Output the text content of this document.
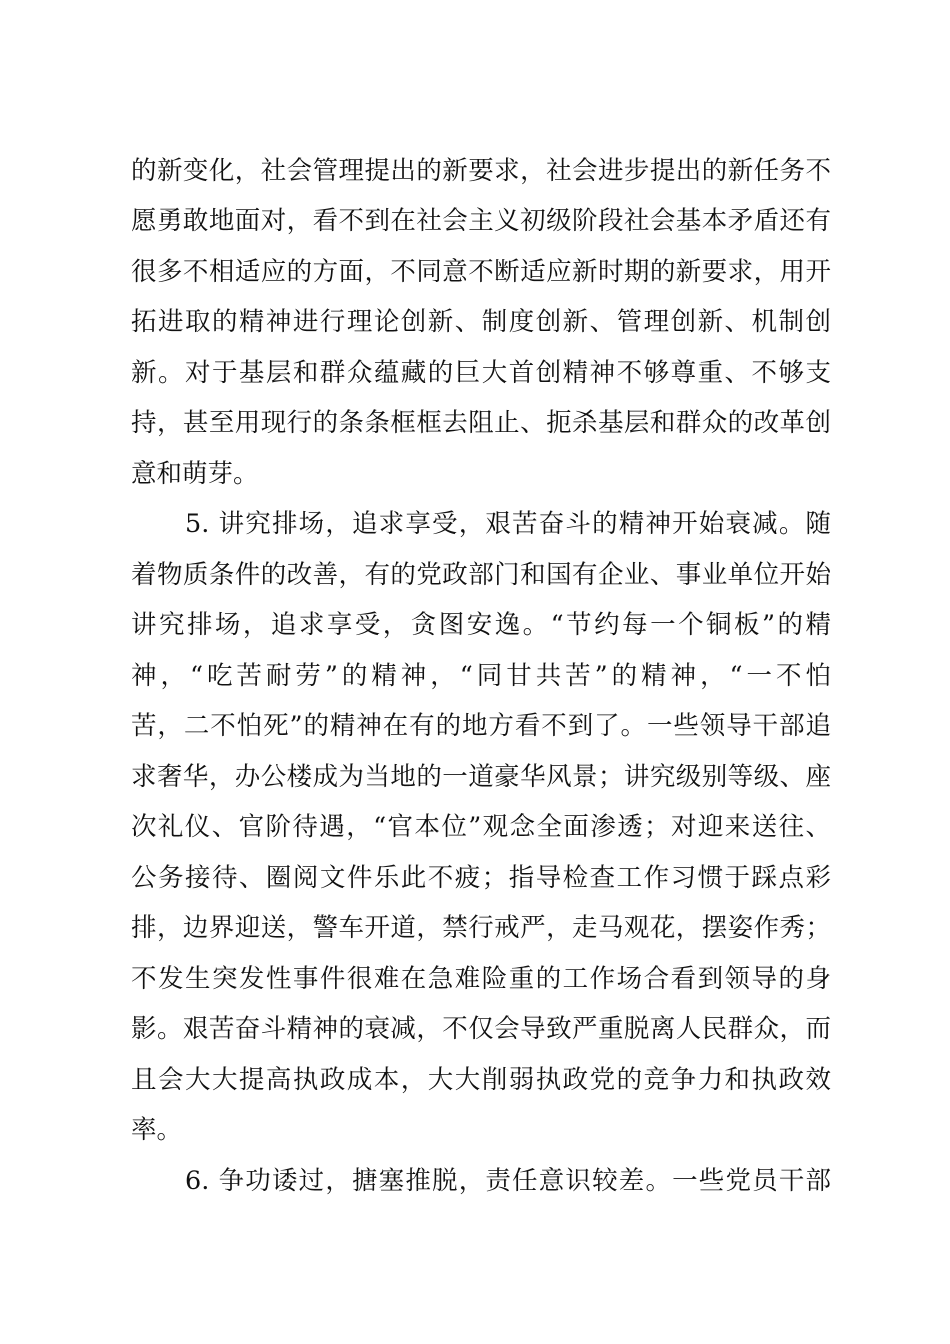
的新变化，社会管理提出的新要求，社会进步提出的新任务不
愿勇敢地面对，看不到在社会主义初级阶段社会基本矛盾还有
很多不相适应的方面，不同意不断适应新时期的新要求，用开
拓进取的精神进行理论创新、制度创新、管理创新、机制创
新。对于基层和群众蕴藏的巨大首创精神不够尊重、不够支
持，甚至用现行的条条框框去阻止、扼杀基层和群众的改革创
意和萌芽。
5. 讲究排场，追求享受，艰苦奋斗的精神开始衰减。随
着物质条件的改善，有的党政部门和国有企业、事业单位开始
讲究排场，追求享受，贪图安逸。“节约每一个铜板”的精
神，“吃苦耐劳”的精神，“同甘共苦”的精神，“一不怕
苦，二不怕死”的精神在有的地方看不到了。一些领导干部追
求奢华，办公楼成为当地的一道豪华风景；讲究级别等级、座
次礼仪、官阶待遇，“官本位”观念全面渗透；对迎来送往、
公务接待、圈阅文件乐此不疲；指导检查工作习惯于踩点彩
排，边界迎送，警车开道，禁行戒严，走马观花，摆姿作秀；
不发生突发性事件很难在急难险重的工作场合看到领导的身
影。艰苦奋斗精神的衰减，不仅会导致严重脱离人民群众，而
且会大大提高执政成本，大大削弱执政党的竞争力和执政效
率。
6. 争功诿过，搪塞推脱，责任意识较差。一些党员干部
